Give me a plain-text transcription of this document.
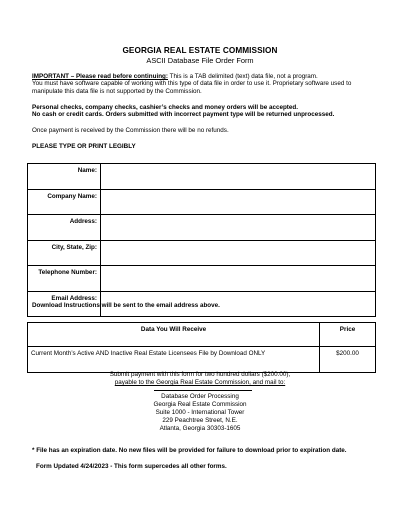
GEORGIA REAL ESTATE COMMISSION
ASCII Database File Order Form
IMPORTANT – Please read before continuing: This is a TAB delimited (text) data file, not a program.
You must have software capable of working with this type of data file in order to use it. Proprietary software used to
manipulate this data file is not supported by the Commission.
Personal checks, company checks, cashier’s checks and money orders will be accepted.
No cash or credit cards. Orders submitted with incorrect payment type will be returned unprocessed.
Once payment is received by the Commission there will be no refunds.
PLEASE TYPE OR PRINT LEGIBLY
Name:	
Company Name:	
Address:	
City, State, Zip:	
Telephone Number:	
Email Address:	
Download Instructions will be sent to the email address above.
Data You Will Receive	Price
Current Month’s Active AND Inactive Real Estate Licensees File by Download ONLY	$200.00
Submit payment with this form for two hundred dollars ($200.00),
payable to the Georgia Real Estate Commission, and mail to:
Database Order Processing
Georgia Real Estate Commission
Suite 1000 - International Tower
229 Peachtree Street, N.E.
Atlanta, Georgia 30303-1605
* File has an expiration date. No new files will be provided for failure to download prior to expiration date.
Form Updated 4/24/2023 - This form supercedes all other forms.
